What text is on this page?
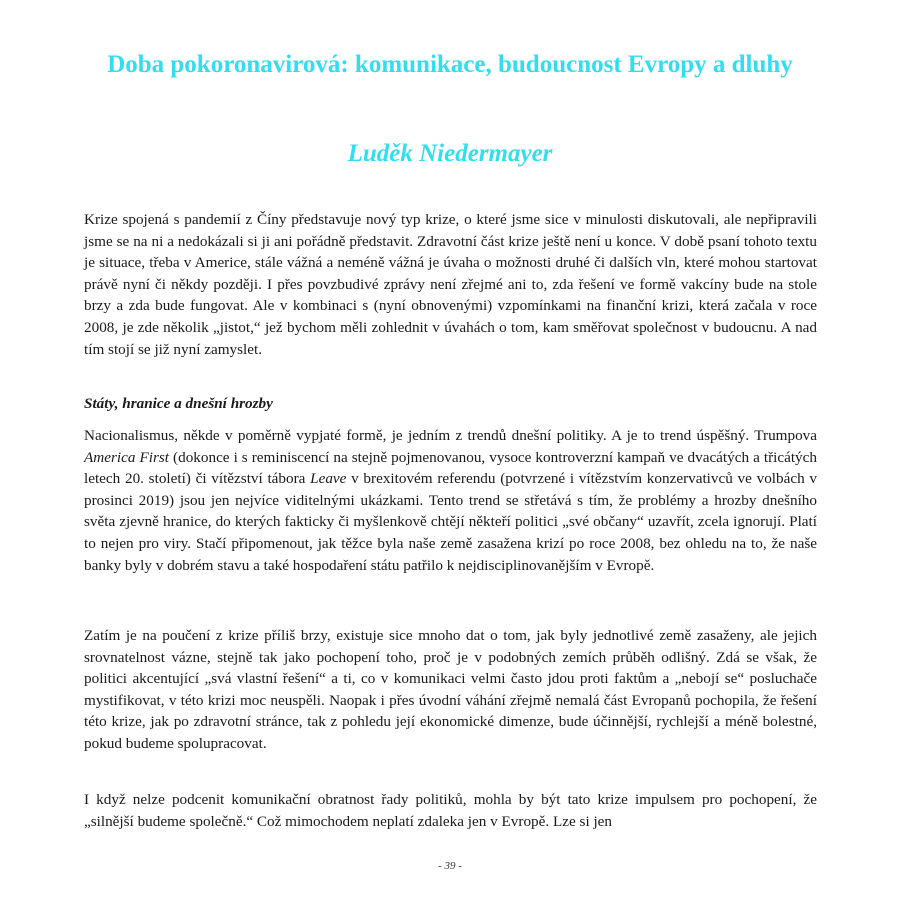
Doba pokoronavirová: komunikace, budoucnost Evropy a dluhy
Luděk Niedermayer

Krize spojená s pandemií z Číny představuje nový typ krize, o které jsme sice v minulosti diskutovali, ale nepřipravili jsme se na ni a nedokázali si ji ani pořádně představit. Zdravotní část krize ještě není u konce. V době psaní tohoto textu je situace, třeba v Americe, stále vážná a neméně vážná je úvaha o možnosti druhé či dalších vln, které mohou startovat právě nyní či někdy později. I přes povzbudivé zprávy není zřejmé ani to, zda řešení ve formě vakcíny bude na stole brzy a zda bude fungovat. Ale v kombinaci s (nyní obnovenými) vzpomínkami na finanční krizi, která začala v roce 2008, je zde několik „jistot,“ jež bychom měli zohlednit v úvahách o tom, kam směřovat společnost v budoucnu. A nad tím stojí se již nyní zamyslet.

Státy, hranice a dnešní hrozby

Nacionalismus, někde v poměrně vypjaté formě, je jedním z trendů dnešní politiky. A je to trend úspěšný. Trumpova America First (dokonce i s reminiscencí na stejně pojmenovanou, vysoce kontroverzní kampaň ve dvacátých a třicátých letech 20. století) či vítězství tábora Leave v brexitovém referendu (potvrzené i vítězstvím konzervativců ve volbách v prosinci 2019) jsou jen nejvíce viditelnými ukázkami. Tento trend se střetává s tím, že problémy a hrozby dnešního světa zjevně hranice, do kterých fakticky či myšlenkově chtějí někteří politici „své občany“ uzavřít, zcela ignorují. Platí to nejen pro viry. Stačí připomenout, jak těžce byla naše země zasažena krizí po roce 2008, bez ohledu na to, že naše banky byly v dobrém stavu a také hospodaření státu patřilo k nejdisciplinovanějším v Evropě.

Zatím je na poučení z krize příliš brzy, existuje sice mnoho dat o tom, jak byly jednotlivé země zasaženy, ale jejich srovnatelnost vázne, stejně tak jako pochopení toho, proč je v podobných zemích průběh odlišný. Zdá se však, že politici akcentující „svá vlastní řešení“ a ti, co v komunikaci velmi často jdou proti faktům a „nebojí se“ posluchače mystifikovat, v této krizi moc neuspěli. Naopak i přes úvodní váhání zřejmě nemalá část Evropanů pochopila, že řešení této krize, jak po zdravotní stránce, tak z pohledu její ekonomické dimenze, bude účinnější, rychlejší a méně bolestné, pokud budeme spolupracovat.

I když nelze podcenit komunikační obratnost řady politiků, mohla by být tato krize impulsem pro pochopení, že „silnější budeme společně.“ Což mimochodem neplatí zdaleka jen v Evropě. Lze si jen

- 39 -
